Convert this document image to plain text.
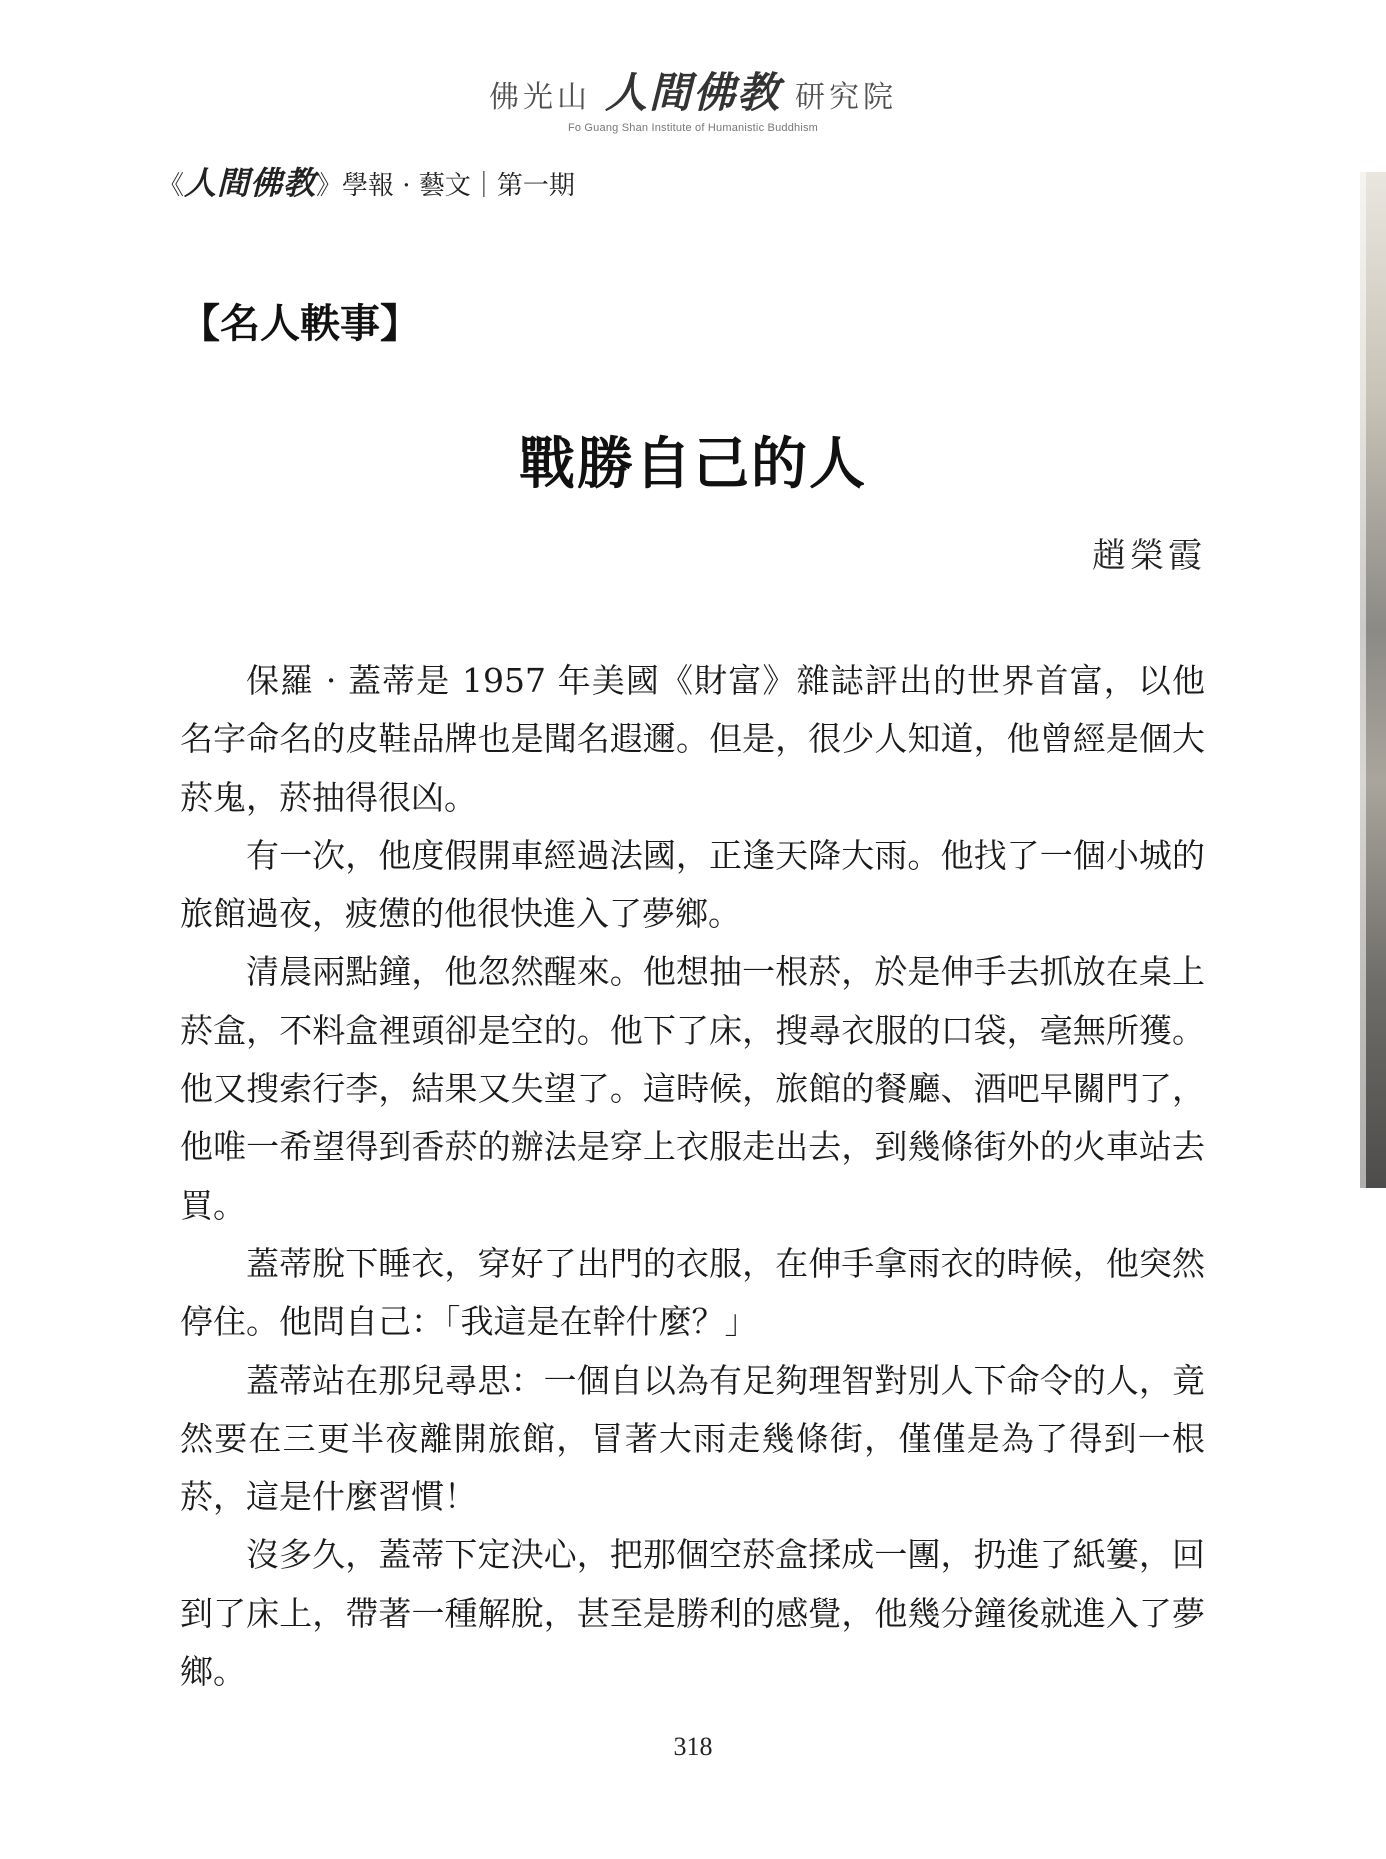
佛光山 人間佛教 研究院
Fo Guang Shan Institute of Humanistic Buddhism
《 人間佛教 》 學報 · 藝文｜第一期
【名人軼事】
戰勝自己的人
趙榮霞

保羅 · 蓋蒂是 1957 年美國《財富》雜誌評出的世界首富，以他名字命名的皮鞋品牌也是聞名遐邇。但是，很少人知道，他曾經是個大菸鬼，菸抽得很凶。

有一次，他度假開車經過法國，正逢天降大雨。他找了一個小城的旅館過夜，疲憊的他很快進入了夢鄉。

清晨兩點鐘，他忽然醒來。他想抽一根菸，於是伸手去抓放在桌上菸盒，不料盒裡頭卻是空的。他下了床，搜尋衣服的口袋，毫無所獲。他又搜索行李，結果又失望了。這時候，旅館的餐廳、酒吧早關門了，他唯一希望得到香菸的辦法是穿上衣服走出去，到幾條街外的火車站去買。

蓋蒂脫下睡衣，穿好了出門的衣服，在伸手拿雨衣的時候，他突然停住。他問自己：「我這是在幹什麼？」

蓋蒂站在那兒尋思：一個自以為有足夠理智對別人下命令的人，竟然要在三更半夜離開旅館，冒著大雨走幾條街，僅僅是為了得到一根菸，這是什麼習慣！

沒多久，蓋蒂下定決心，把那個空菸盒揉成一團，扔進了紙簍，回到了床上，帶著一種解脫，甚至是勝利的感覺，他幾分鐘後就進入了夢鄉。

318
